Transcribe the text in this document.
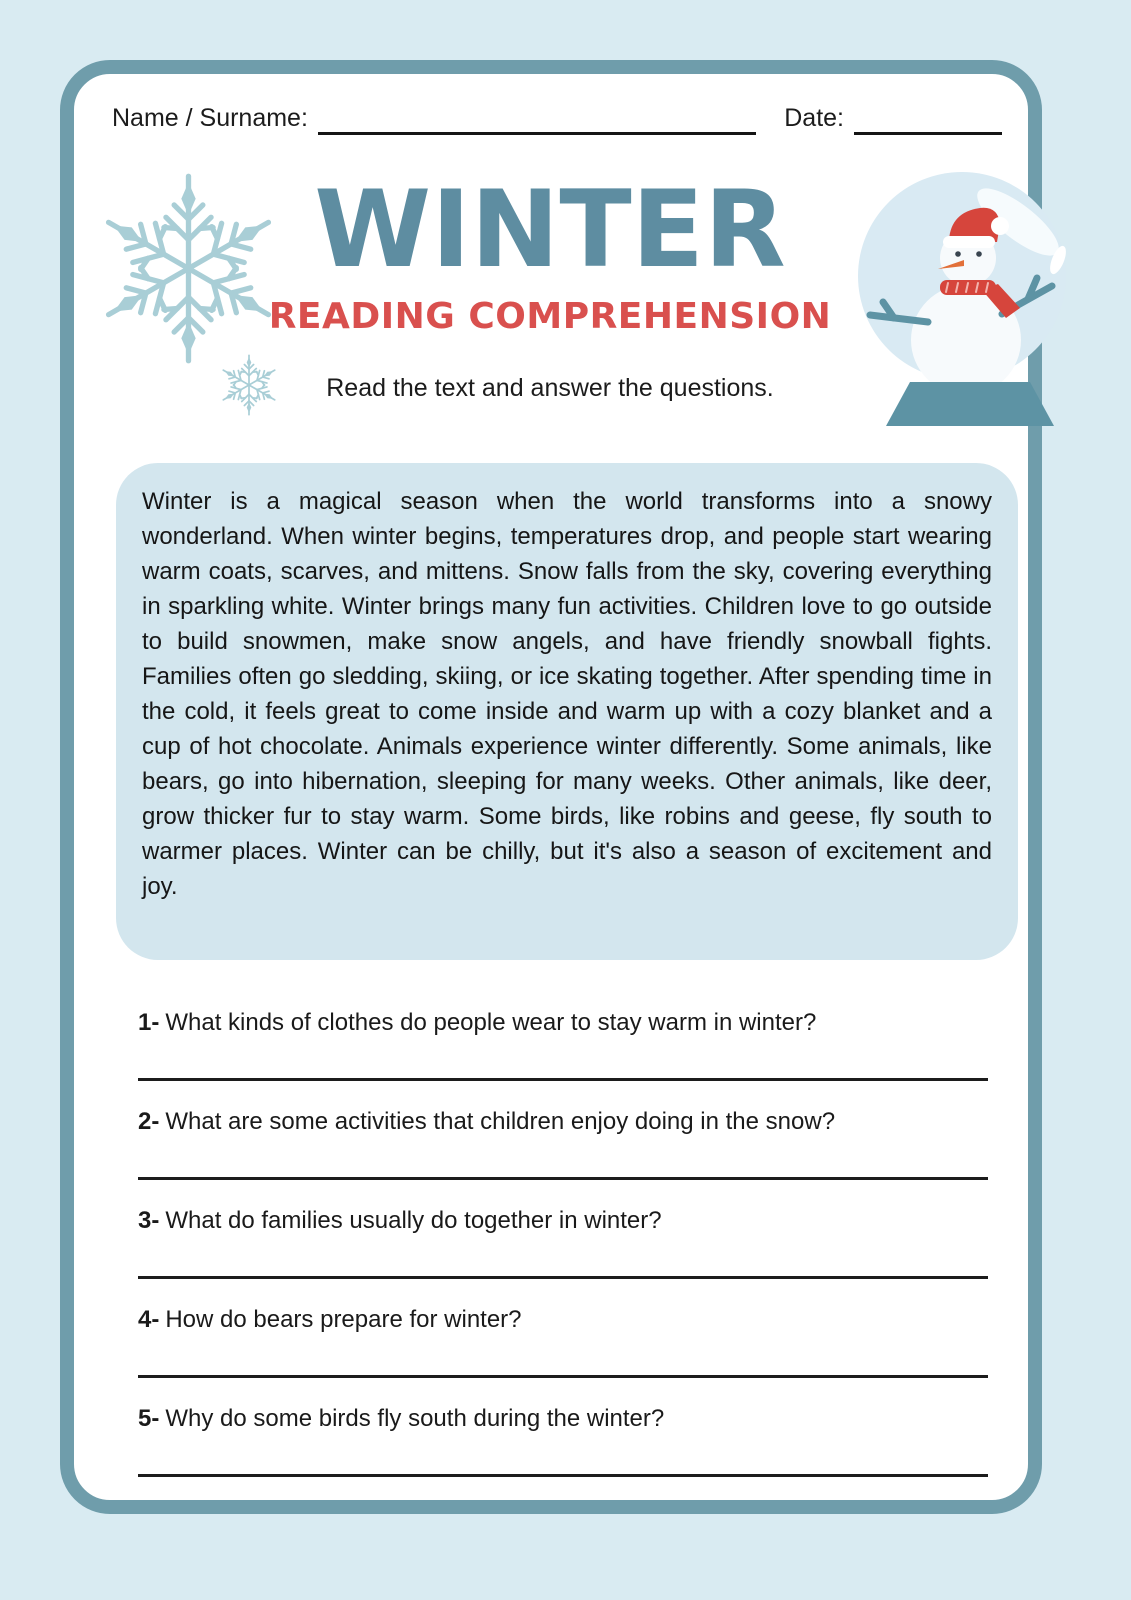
Name / Surname:	Date:
WINTER
READING COMPREHENSION
Read the text and answer the questions.
Winter is a magical season when the world transforms into a snowy wonderland. When winter begins, temperatures drop, and people start wearing warm coats, scarves, and mittens. Snow falls from the sky, covering everything in sparkling white. Winter brings many fun activities. Children love to go outside to build snowmen, make snow angels, and have friendly snowball fights. Families often go sledding, skiing, or ice skating together. After spending time in the cold, it feels great to come inside and warm up with a cozy blanket and a cup of hot chocolate. Animals experience winter differently. Some animals, like bears, go into hibernation, sleeping for many weeks. Other animals, like deer, grow thicker fur to stay warm. Some birds, like robins and geese, fly south to warmer places. Winter can be chilly, but it's also a season of excitement and joy.
1- What kinds of clothes do people wear to stay warm in winter?
2- What are some activities that children enjoy doing in the snow?
3- What do families usually do together in winter?
4- How do bears prepare for winter?
5- Why do some birds fly south during the winter?
